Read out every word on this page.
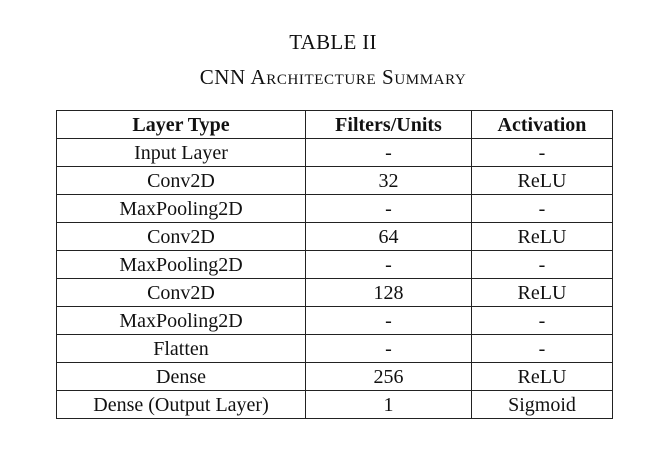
TABLE II
CNN Architecture Summary
Layer Type	Filters/Units	Activation
Input Layer	-	-
Conv2D	32	ReLU
MaxPooling2D	-	-
Conv2D	64	ReLU
MaxPooling2D	-	-
Conv2D	128	ReLU
MaxPooling2D	-	-
Flatten	-	-
Dense	256	ReLU
Dense (Output Layer)	1	Sigmoid
